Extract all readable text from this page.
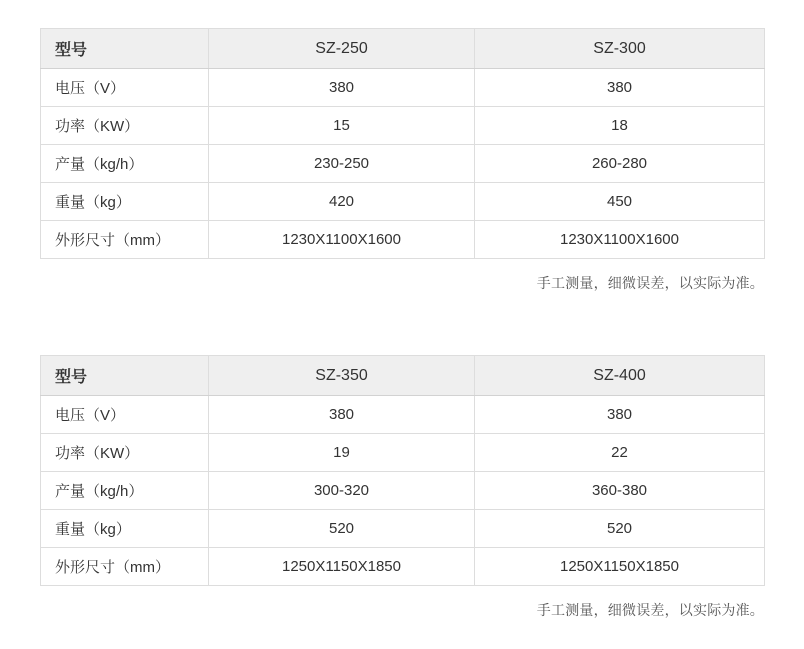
型号	SZ-250	SZ-300
电压（V）	380	380
功率（KW）	15	18
产量（kg/h）	230-250	260-280
重量（kg）	420	450
外形尺寸（mm）	1230X1100X1600	1230X1100X1600
手工测量，细微误差，以实际为准。
型号	SZ-350	SZ-400
电压（V）	380	380
功率（KW）	19	22
产量（kg/h）	300-320	360-380
重量（kg）	520	520
外形尺寸（mm）	1250X1150X1850	1250X1150X1850
手工测量，细微误差，以实际为准。
